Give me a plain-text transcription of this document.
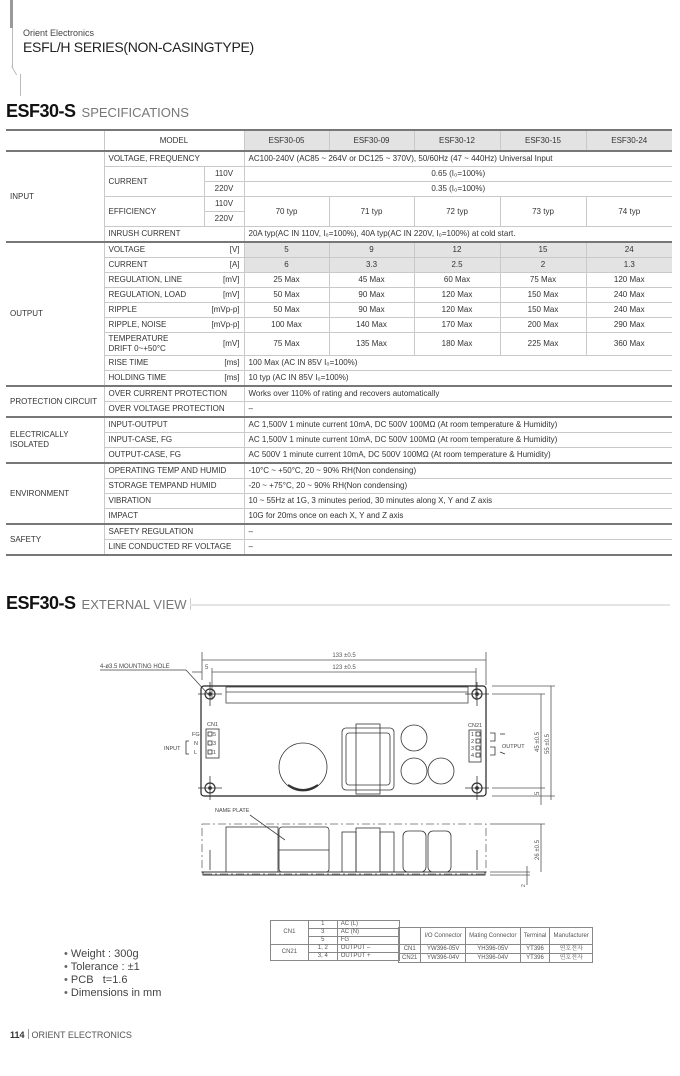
Orient Electronics
ESFL/H SERIES(NON-CASINGTYPE)
ESF30-S SPECIFICATIONS
	MODEL		ESF30-05	ESF30-09	ESF30-12	ESF30-15	ESF30-24
INPUT	VOLTAGE, FREQUENCY		AC100-240V (AC85 ~ 264V or DC125 ~ 370V), 50/60Hz (47 ~ 440Hz) Universal Input				
	CURRENT	110V	0.65 (I₀=100%)				
		220V	0.35 (I₀=100%)				
	EFFICIENCY	110V	70 typ	71 typ	72 typ	73 typ	74 typ
		220V					
	INRUSH CURRENT		20A typ(AC IN 110V, I₀=100%), 40A typ(AC IN 220V, I₀=100%) at cold start.				
OUTPUT	VOLTAGE	[V]	5	9	12	15	24
	CURRENT	[A]	6	3.3	2.5	2	1.3
	REGULATION, LINE	[mV]	25 Max	45 Max	60 Max	75 Max	120 Max
	REGULATION, LOAD	[mV]	50 Max	90 Max	120 Max	150 Max	240 Max
	RIPPLE	[mVp-p]	50 Max	90 Max	120 Max	150 Max	240 Max
	RIPPLE, NOISE	[mVp-p]	100 Max	140 Max	170 Max	200 Max	290 Max
	TEMPERATURE
DRIFT 0~+50°C	[mV]	75 Max	135 Max	180 Max	225 Max	360 Max
	RISE TIME	[ms]	100 Max (AC IN 85V I₀=100%)				
	HOLDING TIME	[ms]	10 typ (AC IN 85V I₀=100%)				
PROTECTION CIRCUIT	OVER CURRENT PROTECTION		Works over 110% of rating and recovers automatically				
	OVER VOLTAGE PROTECTION		–				
ELECTRICALLY
ISOLATED	INPUT-OUTPUT		AC 1,500V 1 minute current 10mA, DC 500V 100MΩ (At room temperature & Humidity)				
	INPUT-CASE, FG		AC 1,500V 1 minute current 10mA, DC 500V 100MΩ (At room temperature & Humidity)				
	OUTPUT-CASE, FG		AC 500V 1 minute current 10mA, DC 500V 100MΩ (At room temperature & Humidity)				
ENVIRONMENT	OPERATING TEMP AND HUMID		-10°C ~ +50°C, 20 ~ 90% RH(Non condensing)				
	STORAGE TEMPAND HUMID		-20 ~ +75°C, 20 ~ 90% RH(Non condensing)				
	VIBRATION		10 ~ 55Hz at 1G, 3 minutes period, 30 minutes along X, Y and Z axis				
	IMPACT		10G for 20ms once on each X, Y and Z axis				
SAFETY	SAFETY REGULATION		–				
	LINE CONDUCTED RF VOLTAGE		–				
ESF30-S EXTERNAL VIEW
133 ±0.5
123 ±0.5
5
4-ø3.5 MOUNTING HOLE
CN1
5
3
1
FG
N
L
INPUT
CN21
1
2
3
4
OUTPUT 45 ±0.5 55 ±0.5
5
NAME PLATE
26 ±0.5
2
CN1	1	AC (L)
	3	AC (N)
	5	FG
CN21	1, 2	OUTPUT –
	3, 4	OUTPUT +
	I/O Connector	Mating Connector	Terminal	Manufacturer
CN1	YW396-05V	YH396-05V	YT396	연호전자
CN21	YW396-04V	YH396-04V	YT396	연호전자
• Weight : 300g
• Tolerance : ±1
• PCB   t=1.6
• Dimensions in mm
114 ORIENT ELECTRONICS
